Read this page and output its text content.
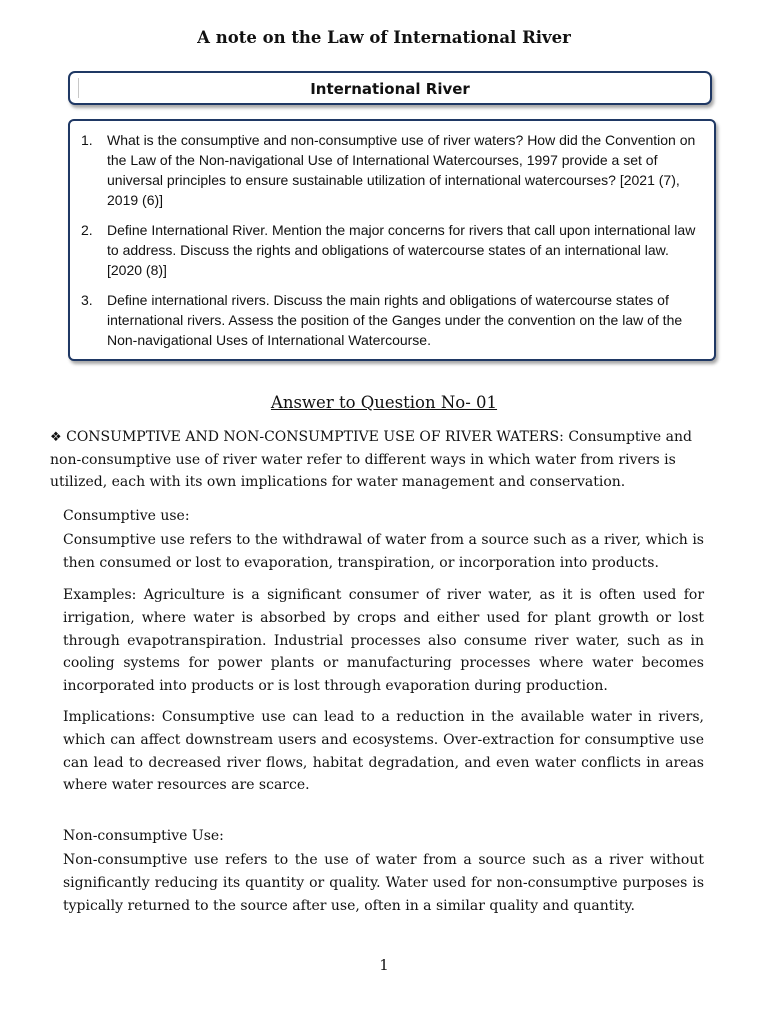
A note on the Law of International River
International River
1. What is the consumptive and non-consumptive use of river waters? How did the Convention on the Law of the Non-navigational Use of International Watercourses, 1997 provide a set of universal principles to ensure sustainable utilization of international watercourses? [2021 (7), 2019 (6)]
2. Define International River. Mention the major concerns for rivers that call upon international law to address. Discuss the rights and obligations of watercourse states of an international law. [2020 (8)]
3. Define international rivers. Discuss the main rights and obligations of watercourse states of international rivers. Assess the position of the Ganges under the convention on the law of the Non-navigational Uses of International Watercourse.
Answer to Question No- 01
❖ CONSUMPTIVE AND NON-CONSUMPTIVE USE OF RIVER WATERS: Consumptive and non-consumptive use of river water refer to different ways in which water from rivers is utilized, each with its own implications for water management and conservation.
Consumptive use:
Consumptive use refers to the withdrawal of water from a source such as a river, which is then consumed or lost to evaporation, transpiration, or incorporation into products.
Examples: Agriculture is a significant consumer of river water, as it is often used for irrigation, where water is absorbed by crops and either used for plant growth or lost through evapotranspiration. Industrial processes also consume river water, such as in cooling systems for power plants or manufacturing processes where water becomes incorporated into products or is lost through evaporation during production.
Implications: Consumptive use can lead to a reduction in the available water in rivers, which can affect downstream users and ecosystems. Over-extraction for consumptive use can lead to decreased river flows, habitat degradation, and even water conflicts in areas where water resources are scarce.
Non-consumptive Use:
Non-consumptive use refers to the use of water from a source such as a river without significantly reducing its quantity or quality. Water used for non-consumptive purposes is typically returned to the source after use, often in a similar quality and quantity.
1
